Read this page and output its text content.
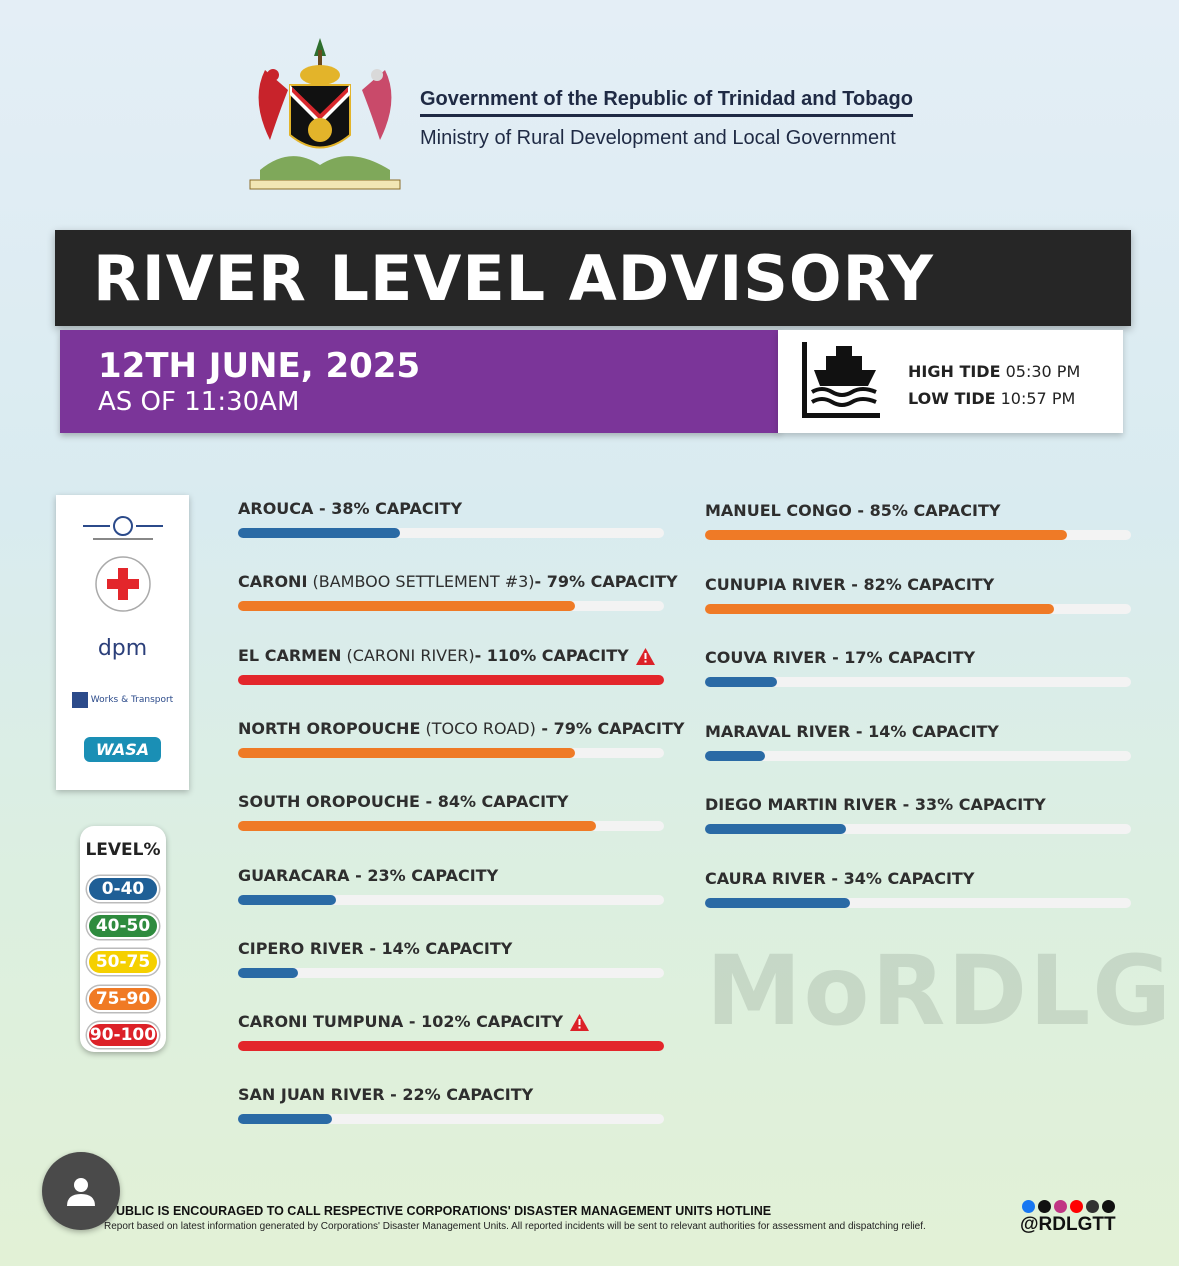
Government of the Republic of Trinidad and Tobago
Ministry of Rural Development and Local Government
RIVER LEVEL ADVISORY
12TH JUNE, 2025
AS OF 11:30AM
HIGH TIDE 05:30 PM
LOW TIDE 10:57 PM
dpm
Works & Transport
WASA
LEVEL%
0-40
40-50
50-75
75-90
90-100
AROUCA - 38% CAPACITY
CARONI (BAMBOO SETTLEMENT #3)- 79% CAPACITY
EL CARMEN (CARONI RIVER)- 110% CAPACITY
NORTH OROPOUCHE (TOCO ROAD) - 79% CAPACITY
SOUTH OROPOUCHE - 84% CAPACITY
GUARACARA - 23% CAPACITY
CIPERO RIVER - 14% CAPACITY
CARONI TUMPUNA - 102% CAPACITY
SAN JUAN RIVER - 22% CAPACITY
MANUEL CONGO - 85% CAPACITY
CUNUPIA RIVER - 82% CAPACITY
COUVA RIVER - 17% CAPACITY
MARAVAL RIVER - 14% CAPACITY
DIEGO MARTIN RIVER - 33% CAPACITY
CAURA RIVER - 34% CAPACITY
MoRDLG
UBLIC IS ENCOURAGED TO CALL RESPECTIVE CORPORATIONS' DISASTER MANAGEMENT UNITS HOTLINE
Report based on latest information generated by Corporations' Disaster Management Units. All reported incidents will be sent to relevant authorities for assessment and dispatching relief.	@RDLGTT
